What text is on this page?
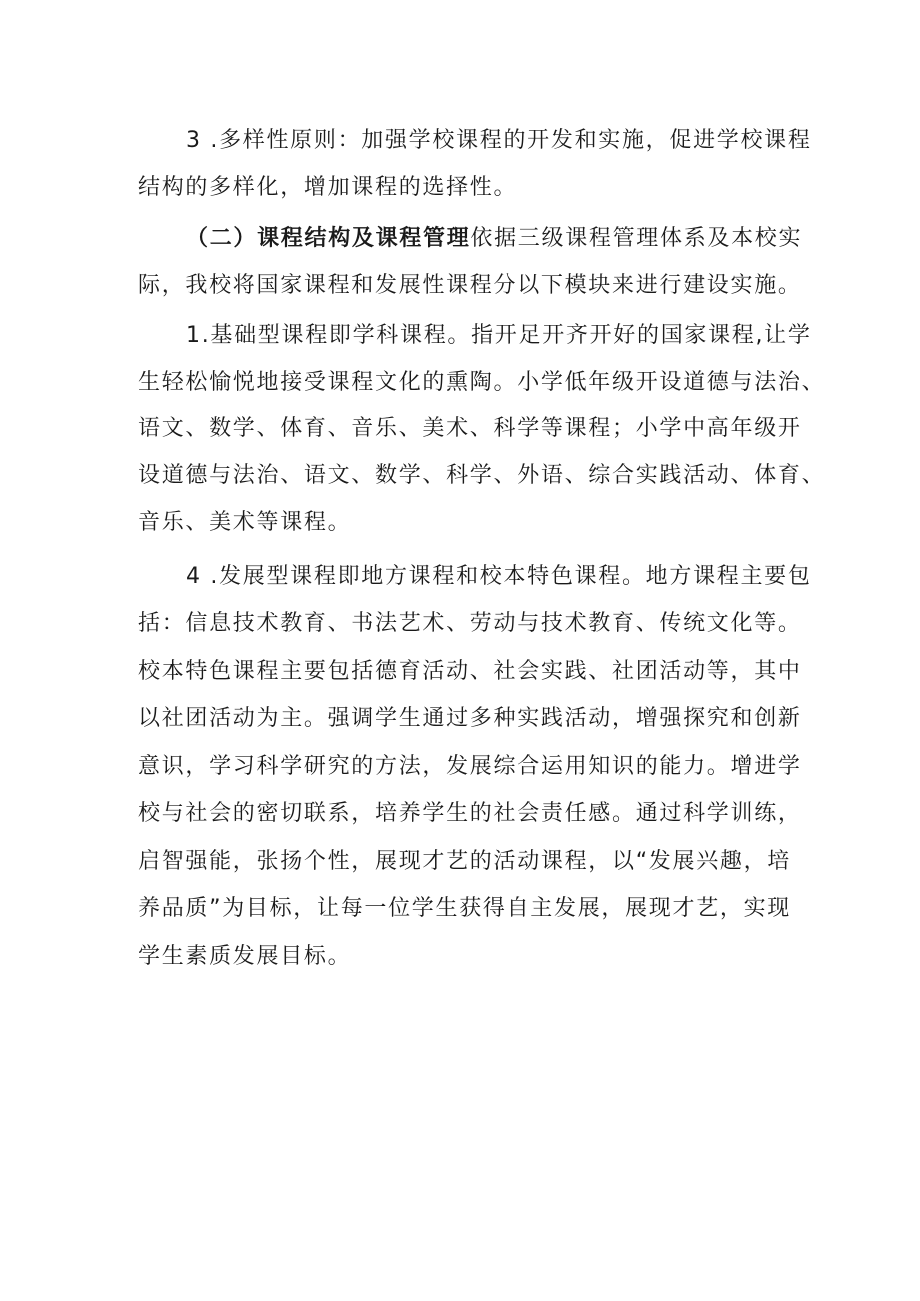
3 .多样性原则：加强学校课程的开发和实施，促进学校课程
结构的多样化，增加课程的选择性。
（二）课程结构及课程管理依据三级课程管理体系及本校实
际，我校将国家课程和发展性课程分以下模块来进行建设实施。
1.基础型课程即学科课程。指开足开齐开好的国家课程,让学
生轻松愉悦地接受课程文化的熏陶。小学低年级开设道德与法治、
语文、数学、体育、音乐、美术、科学等课程；小学中高年级开
设道德与法治、语文、数学、科学、外语、综合实践活动、体育、
音乐、美术等课程。
4 .发展型课程即地方课程和校本特色课程。地方课程主要包
括：信息技术教育、书法艺术、劳动与技术教育、传统文化等。
校本特色课程主要包括德育活动、社会实践、社团活动等，其中
以社团活动为主。强调学生通过多种实践活动，增强探究和创新
意识，学习科学研究的方法，发展综合运用知识的能力。增进学
校与社会的密切联系，培养学生的社会责任感。通过科学训练，
启智强能，张扬个性，展现才艺的活动课程，以“发展兴趣，培
养品质”为目标，让每一位学生获得自主发展，展现才艺，实现
学生素质发展目标。
